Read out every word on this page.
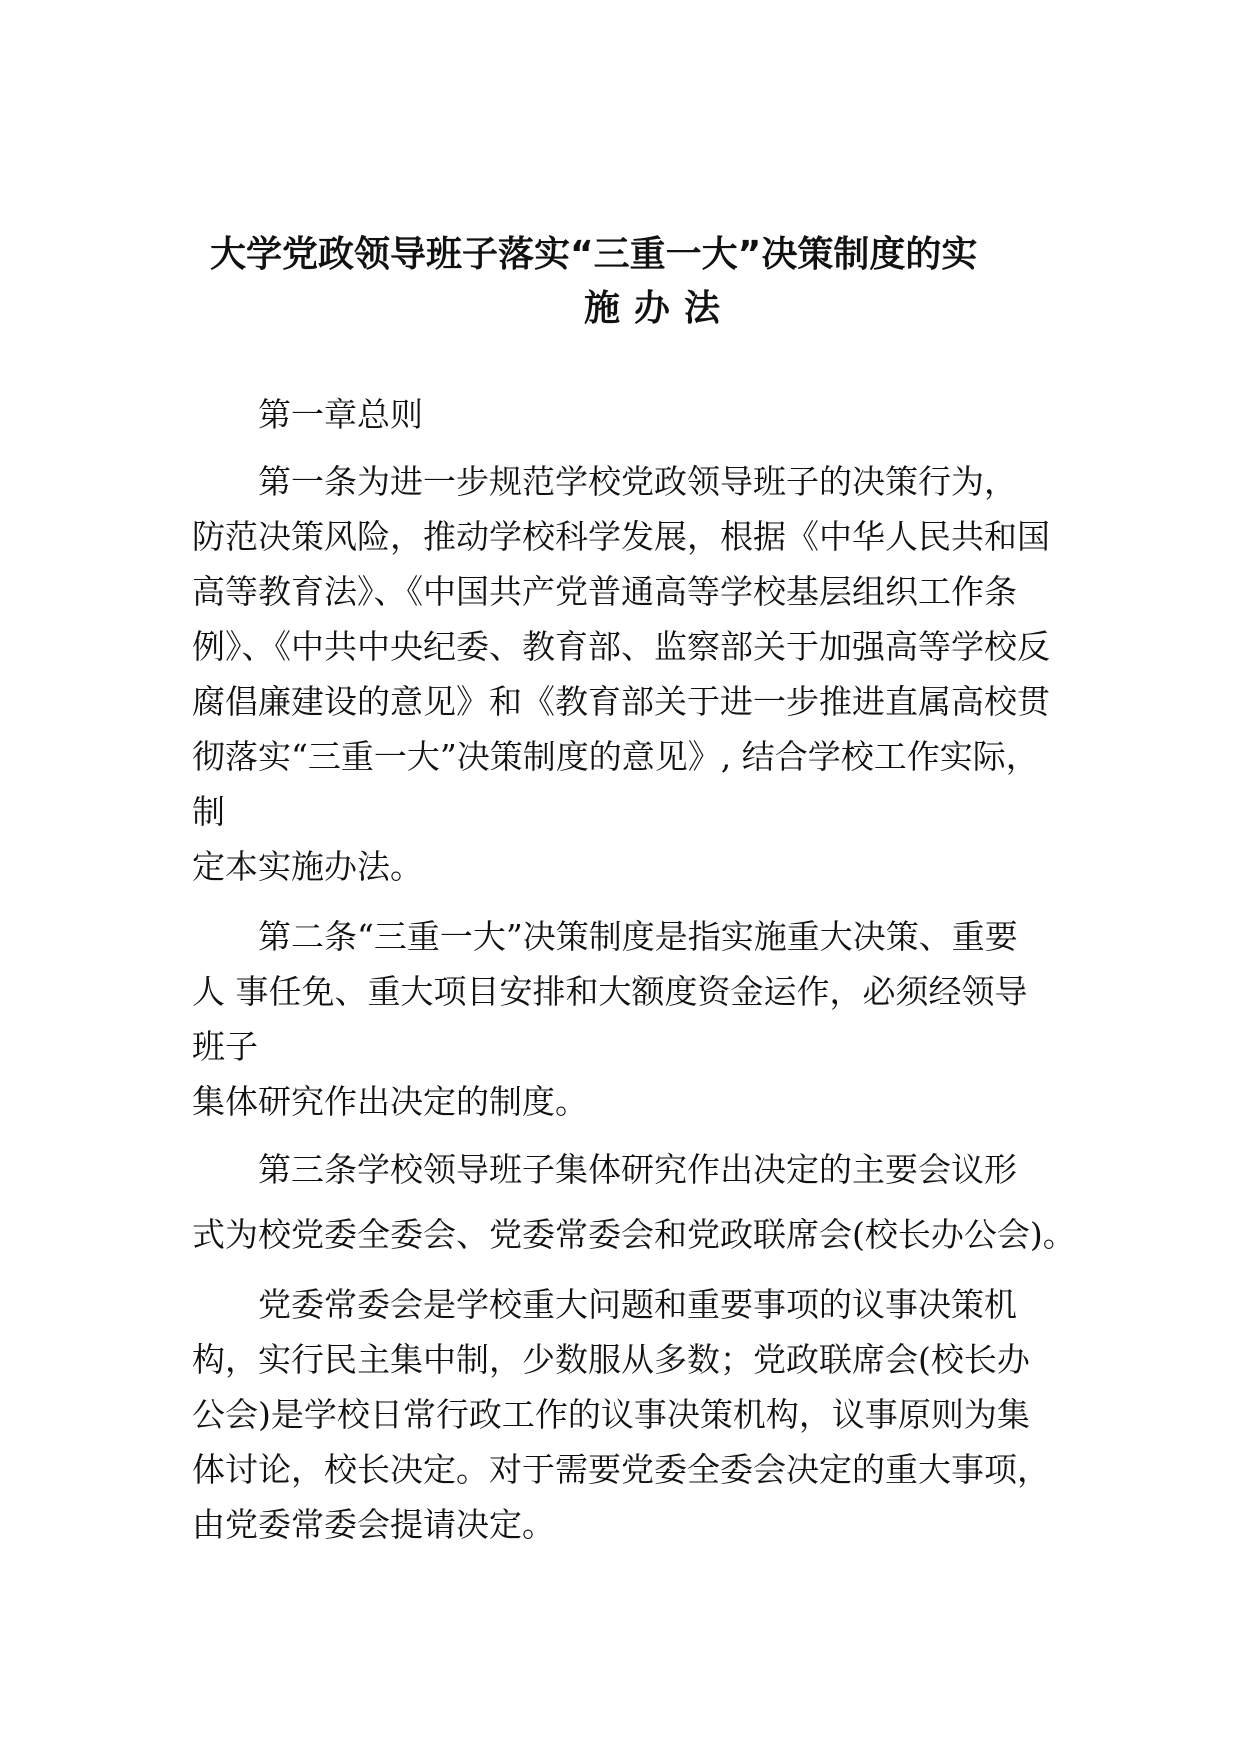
大学党政领导班子落实“三重一大”决策制度的实
施办法
第一章总则
第一条为进一步规范学校党政领导班子的决策行为，
防范决策风险，推动学校科学发展，根据《中华人民共和国
高等教育法》、《中国共产党普通高等学校基层组织工作条
例》、《中共中央纪委、教育部、监察部关于加强高等学校反
腐倡廉建设的意见》和《教育部关于进一步推进直属高校贯
彻落实“三重一大”决策制度的意见》, 结合学校工作实际，
制
定本实施办法。
第二条“三重一大”决策制度是指实施重大决策、重要
人 事任免、重大项目安排和大额度资金运作，必须经领导
班子
集体研究作出决定的制度。
第三条学校领导班子集体研究作出决定的主要会议形
式为校党委全委会、党委常委会和党政联席会(校长办公会)。
党委常委会是学校重大问题和重要事项的议事决策机
构，实行民主集中制，少数服从多数；党政联席会(校长办
公会)是学校日常行政工作的议事决策机构，议事原则为集
体讨论，校长决定。对于需要党委全委会决定的重大事项，
由党委常委会提请决定。
